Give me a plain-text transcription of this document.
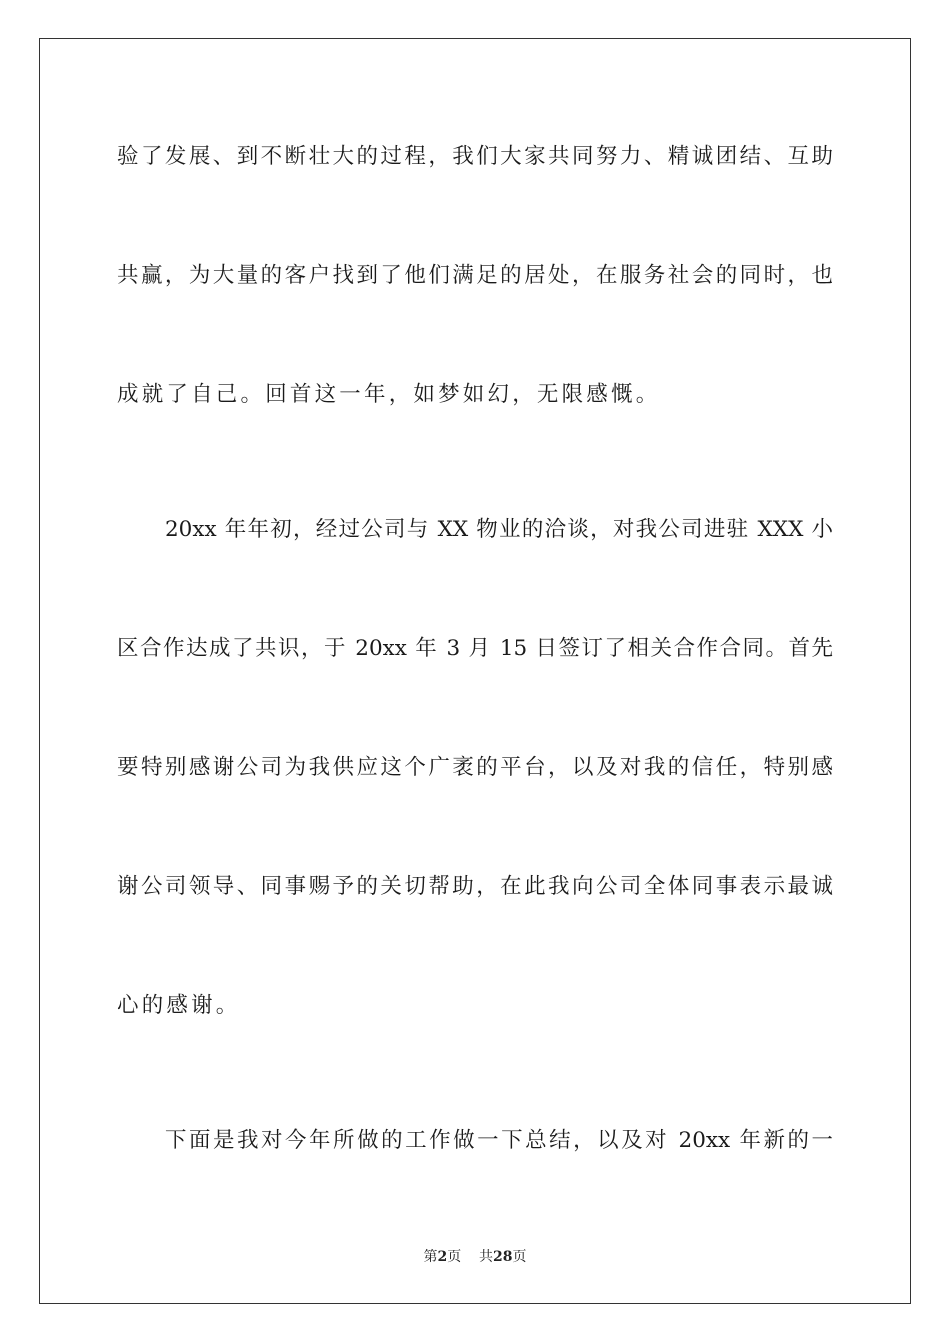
验了发展、到不断壮大的过程，我们大家共同努力、精诚团结、互助
共赢，为大量的客户找到了他们满足的居处，在服务社会的同时，也
成就了自己。回首这一年，如梦如幻，无限感慨。
20xx 年年初，经过公司与 XX 物业的洽谈，对我公司进驻 XXX 小
区合作达成了共识，于 20xx 年 3 月 15 日签订了相关合作合同。首先
要特别感谢公司为我供应这个广袤的平台，以及对我的信任，特别感
谢公司领导、同事赐予的关切帮助，在此我向公司全体同事表示最诚
心的感谢。
下面是我对今年所做的工作做一下总结，以及对 20xx 年新的一
第2页 共28页
